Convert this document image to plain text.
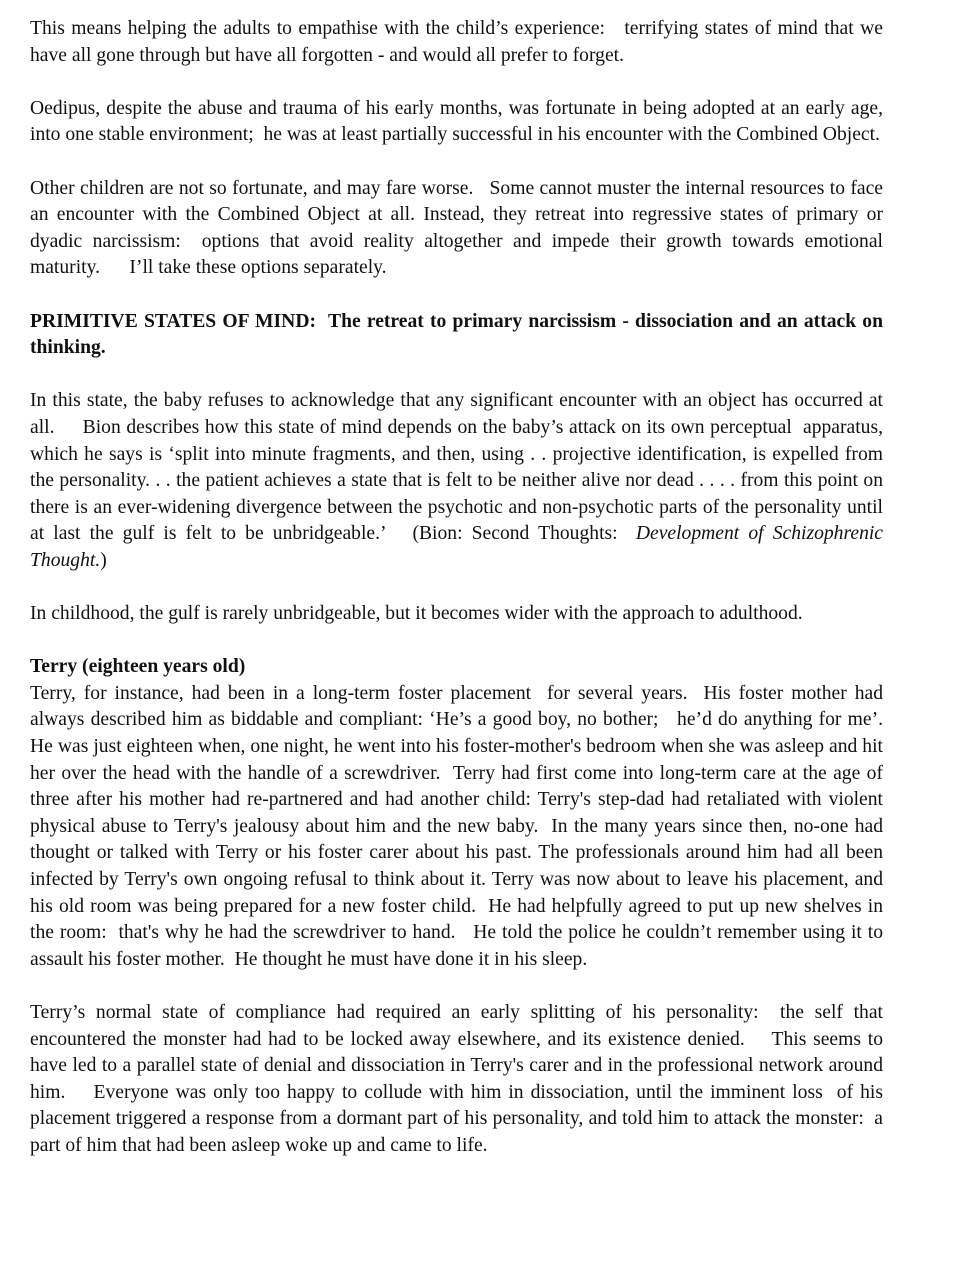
This means helping the adults to empathise with the child’s experience:   terrifying states of mind that we have all gone through but have all forgotten - and would all prefer to forget.

Oedipus, despite the abuse and trauma of his early months, was fortunate in being adopted at an early age, into one stable environment;  he was at least partially successful in his encounter with the Combined Object.

Other children are not so fortunate, and may fare worse.   Some cannot muster the internal resources to face an encounter with the Combined Object at all. Instead, they retreat into regressive states of primary or dyadic narcissism:  options that avoid reality altogether and impede their growth towards emotional maturity.      I’ll take these options separately.

PRIMITIVE STATES OF MIND:  The retreat to primary narcissism - dissociation and an attack on thinking.

In this state, the baby refuses to acknowledge that any significant encounter with an object has occurred at all.     Bion describes how this state of mind depends on the baby’s attack on its own perceptual  apparatus, which he says is ‘split into minute fragments, and then, using . . projective identification, is expelled from the personality. . . the patient achieves a state that is felt to be neither alive nor dead . . . . from this point on there is an ever-widening divergence between the psychotic and non-psychotic parts of the personality until at last the gulf is felt to be unbridgeable.’   (Bion: Second Thoughts:  Development of Schizophrenic Thought.)

In childhood, the gulf is rarely unbridgeable, but it becomes wider with the approach to adulthood.

Terry (eighteen years old)

Terry, for instance, had been in a long-term foster placement  for several years.  His foster mother had always described him as biddable and compliant: ‘He’s a good boy, no bother;   he’d do anything for me’.  He was just eighteen when, one night, he went into his foster-mother's bedroom when she was asleep and hit her over the head with the handle of a screwdriver.  Terry had first come into long-term care at the age of three after his mother had re-partnered and had another child: Terry's step-dad had retaliated with violent physical abuse to Terry's jealousy about him and the new baby.  In the many years since then, no-one had thought or talked with Terry or his foster carer about his past. The professionals around him had all been infected by Terry's own ongoing refusal to think about it. Terry was now about to leave his placement, and his old room was being prepared for a new foster child.  He had helpfully agreed to put up new shelves in the room:  that's why he had the screwdriver to hand.   He told the police he couldn’t remember using it to assault his foster mother.  He thought he must have done it in his sleep.

Terry’s normal state of compliance had required an early splitting of his personality:  the self that encountered the monster had had to be locked away elsewhere, and its existence denied.    This seems to have led to a parallel state of denial and dissociation in Terry's carer and in the professional network around him.    Everyone was only too happy to collude with him in dissociation, until the imminent loss  of his placement triggered a response from a dormant part of his personality, and told him to attack the monster:  a part of him that had been asleep woke up and came to life.
